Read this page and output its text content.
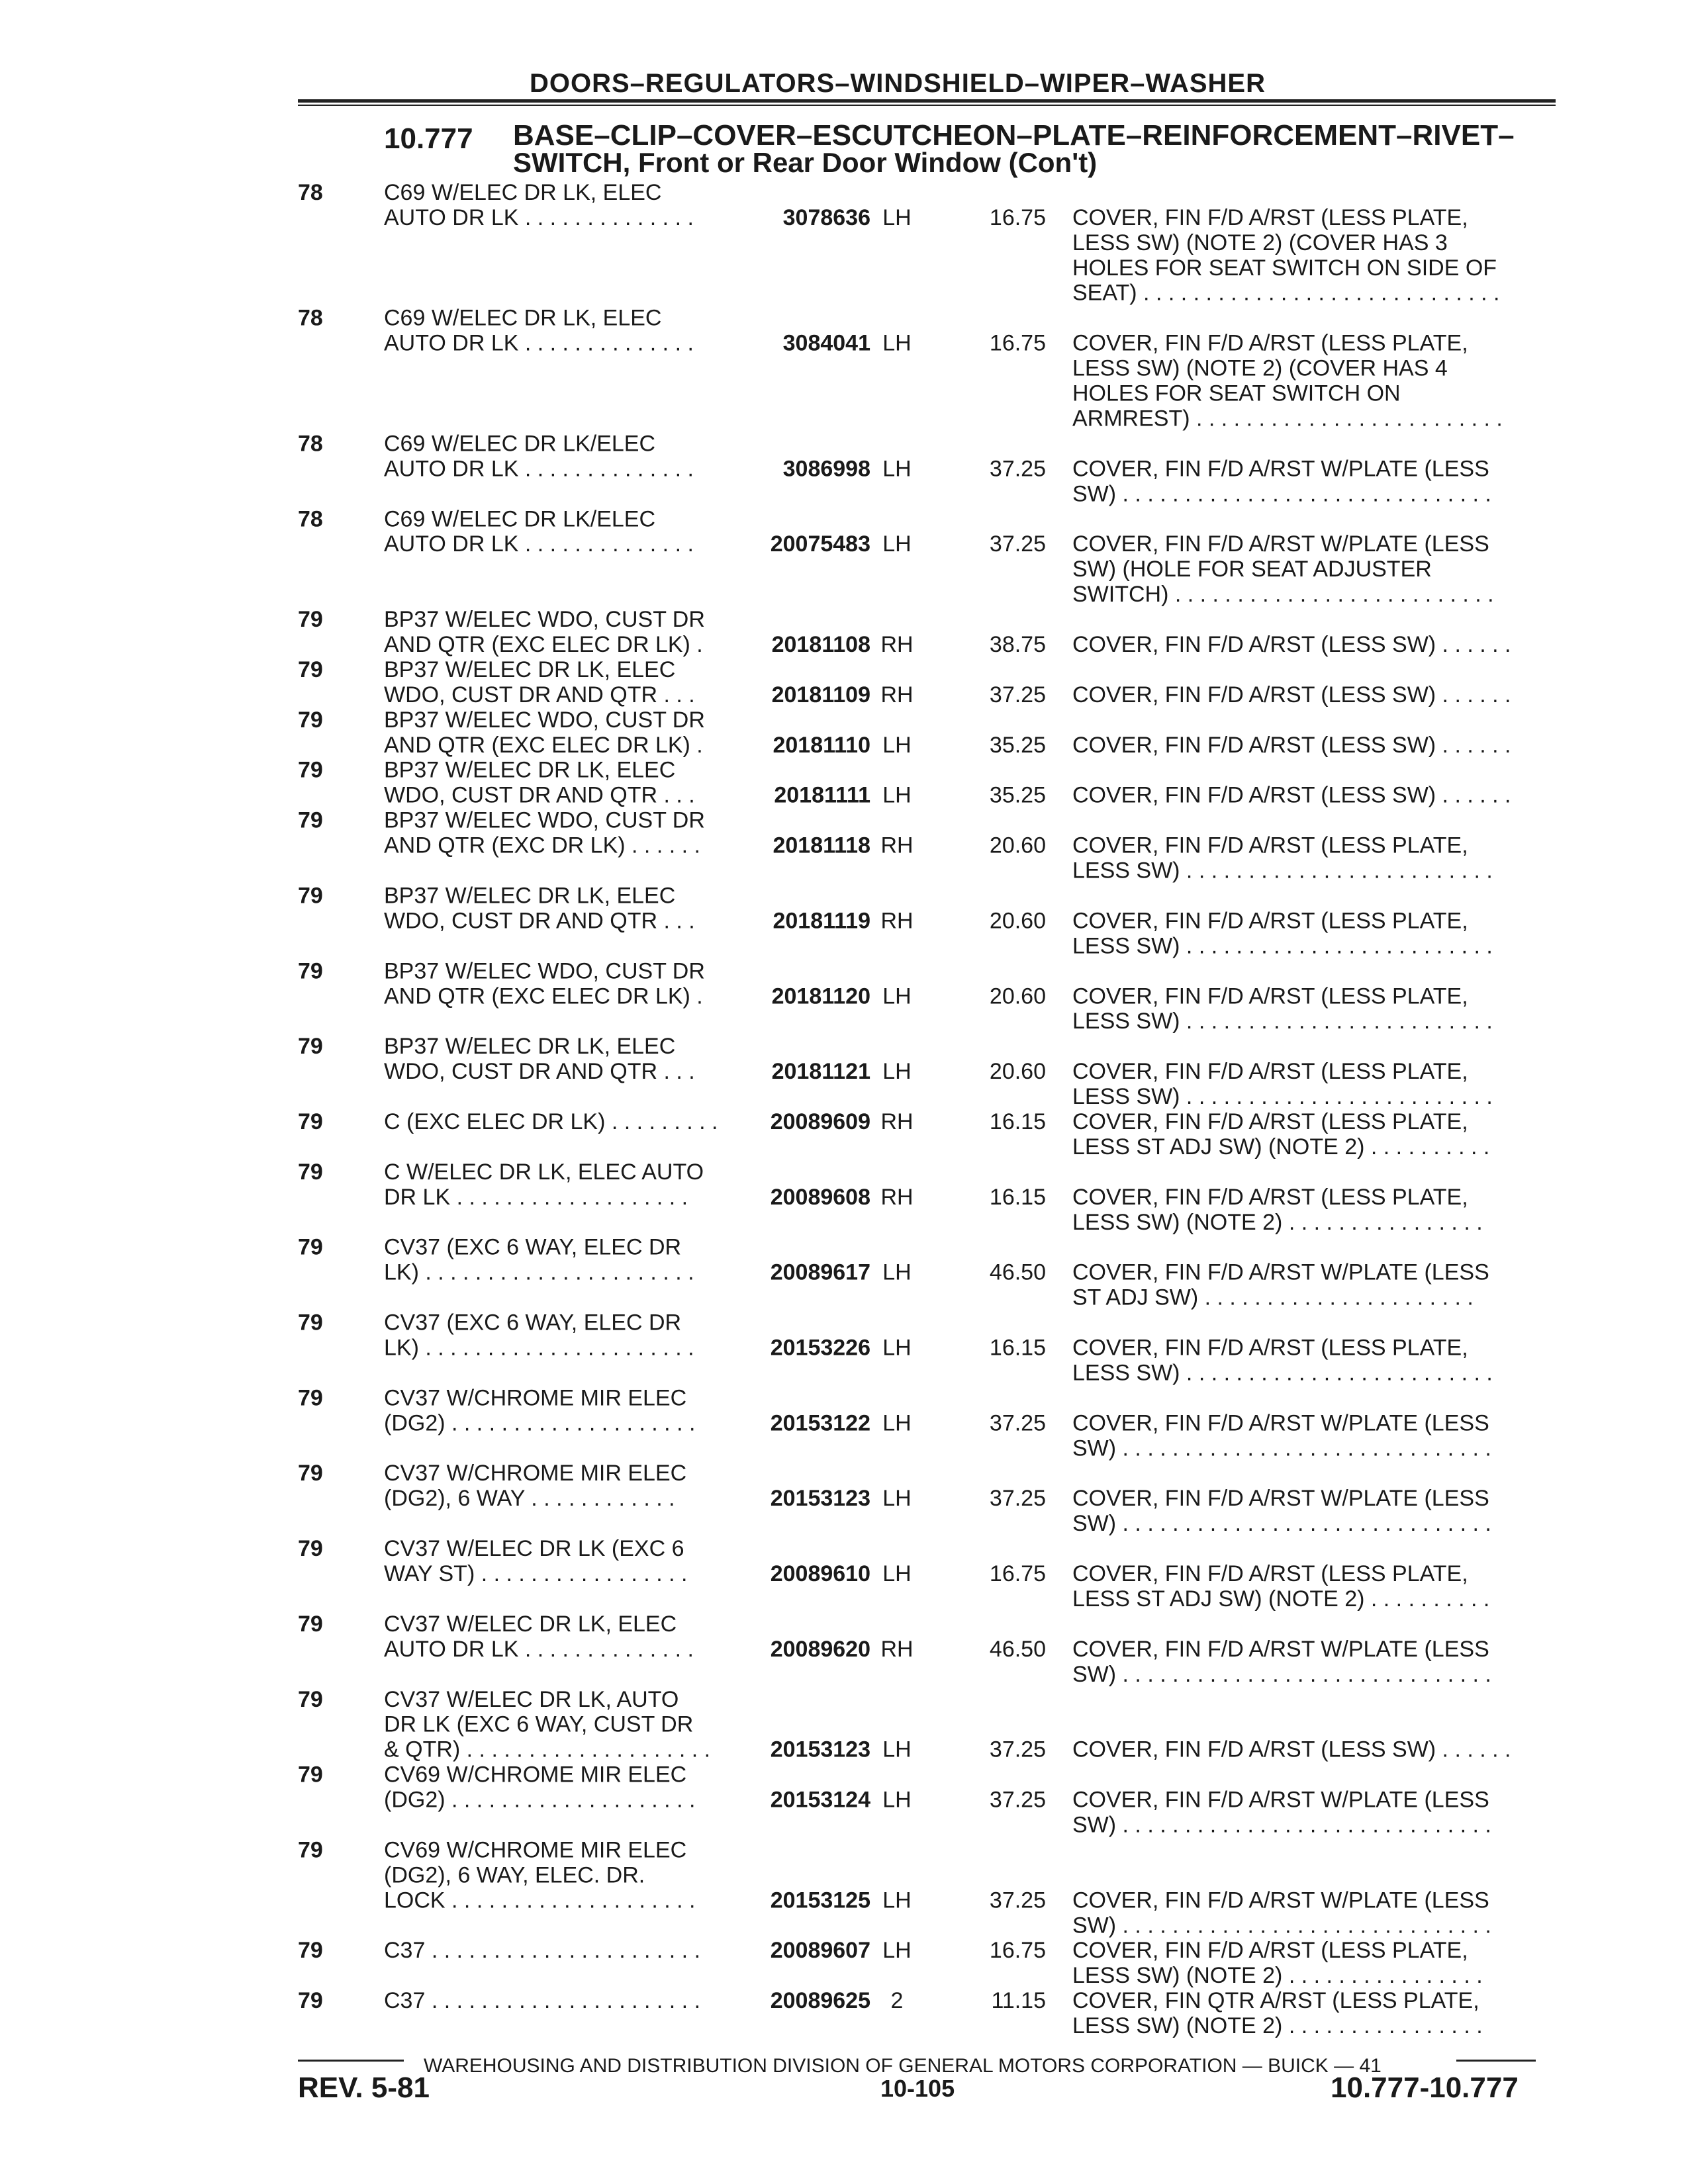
DOORS–REGULATORS–WINDSHIELD–WIPER–WASHER
10.777 BASE–CLIP–COVER–ESCUTCHEON–PLATE–REINFORCEMENT–RIVET–
SWITCH, Front or Rear Door Window (Con't)
78	C69 W/ELEC DR LK, ELEC
AUTO DR LK . . . . . . . . . . . . . .	3078636 LH	16.75 COVER, FIN F/D A/RST (LESS PLATE,
LESS SW) (NOTE 2) (COVER HAS 3
HOLES FOR SEAT SWITCH ON SIDE OF
SEAT) . . . . . . . . . . . . . . . . . . . . . . . . . . . . .
78	C69 W/ELEC DR LK, ELEC
AUTO DR LK . . . . . . . . . . . . . .	3084041 LH	16.75 COVER, FIN F/D A/RST (LESS PLATE,
LESS SW) (NOTE 2) (COVER HAS 4
HOLES FOR SEAT SWITCH ON
ARMREST) . . . . . . . . . . . . . . . . . . . . . . . . .
78	C69 W/ELEC DR LK/ELEC
AUTO DR LK . . . . . . . . . . . . . .	3086998 LH	37.25 COVER, FIN F/D A/RST W/PLATE (LESS
SW) . . . . . . . . . . . . . . . . . . . . . . . . . . . . . .
78	C69 W/ELEC DR LK/ELEC
AUTO DR LK . . . . . . . . . . . . . .	20075483 LH	37.25 COVER, FIN F/D A/RST W/PLATE (LESS
SW) (HOLE FOR SEAT ADJUSTER
SWITCH) . . . . . . . . . . . . . . . . . . . . . . . . . .
79	BP37 W/ELEC WDO, CUST DR
AND QTR (EXC ELEC DR LK) .	20181108 RH	38.75 COVER, FIN F/D A/RST (LESS SW) . . . . . .
79	BP37 W/ELEC DR LK, ELEC
WDO, CUST DR AND QTR . . .	20181109 RH	37.25 COVER, FIN F/D A/RST (LESS SW) . . . . . .
79	BP37 W/ELEC WDO, CUST DR
AND QTR (EXC ELEC DR LK) .	20181110 LH	35.25 COVER, FIN F/D A/RST (LESS SW) . . . . . .
79	BP37 W/ELEC DR LK, ELEC
WDO, CUST DR AND QTR . . .	20181111 LH	35.25 COVER, FIN F/D A/RST (LESS SW) . . . . . .
79	BP37 W/ELEC WDO, CUST DR
AND QTR (EXC DR LK) . . . . . .	20181118 RH	20.60 COVER, FIN F/D A/RST (LESS PLATE,
LESS SW) . . . . . . . . . . . . . . . . . . . . . . . . .
79	BP37 W/ELEC DR LK, ELEC
WDO, CUST DR AND QTR . . .	20181119 RH	20.60 COVER, FIN F/D A/RST (LESS PLATE,
LESS SW) . . . . . . . . . . . . . . . . . . . . . . . . .
79	BP37 W/ELEC WDO, CUST DR
AND QTR (EXC ELEC DR LK) .	20181120 LH	20.60 COVER, FIN F/D A/RST (LESS PLATE,
LESS SW) . . . . . . . . . . . . . . . . . . . . . . . . .
79	BP37 W/ELEC DR LK, ELEC
WDO, CUST DR AND QTR . . .	20181121 LH	20.60 COVER, FIN F/D A/RST (LESS PLATE,
LESS SW) . . . . . . . . . . . . . . . . . . . . . . . . .
79	C (EXC ELEC DR LK) . . . . . . . . .	20089609 RH	16.15 COVER, FIN F/D A/RST (LESS PLATE,
LESS ST ADJ SW) (NOTE 2) . . . . . . . . . .
79	C W/ELEC DR LK, ELEC AUTO
DR LK . . . . . . . . . . . . . . . . . . .	20089608 RH	16.15 COVER, FIN F/D A/RST (LESS PLATE,
LESS SW) (NOTE 2) . . . . . . . . . . . . . . . .
79	CV37 (EXC 6 WAY, ELEC DR
LK) . . . . . . . . . . . . . . . . . . . . . .	20089617 LH	46.50 COVER, FIN F/D A/RST W/PLATE (LESS
ST ADJ SW) . . . . . . . . . . . . . . . . . . . . . .
79	CV37 (EXC 6 WAY, ELEC DR
LK) . . . . . . . . . . . . . . . . . . . . . .	20153226 LH	16.15 COVER, FIN F/D A/RST (LESS PLATE,
LESS SW) . . . . . . . . . . . . . . . . . . . . . . . . .
79	CV37 W/CHROME MIR ELEC
(DG2) . . . . . . . . . . . . . . . . . . . .	20153122 LH	37.25 COVER, FIN F/D A/RST W/PLATE (LESS
SW) . . . . . . . . . . . . . . . . . . . . . . . . . . . . . .
79	CV37 W/CHROME MIR ELEC
(DG2), 6 WAY . . . . . . . . . . . .	20153123 LH	37.25 COVER, FIN F/D A/RST W/PLATE (LESS
SW) . . . . . . . . . . . . . . . . . . . . . . . . . . . . . .
79	CV37 W/ELEC DR LK (EXC 6
WAY ST) . . . . . . . . . . . . . . . . .	20089610 LH	16.75 COVER, FIN F/D A/RST (LESS PLATE,
LESS ST ADJ SW) (NOTE 2) . . . . . . . . . .
79	CV37 W/ELEC DR LK, ELEC
AUTO DR LK . . . . . . . . . . . . . .	20089620 RH	46.50 COVER, FIN F/D A/RST W/PLATE (LESS
SW) . . . . . . . . . . . . . . . . . . . . . . . . . . . . . .
79	CV37 W/ELEC DR LK, AUTO
DR LK (EXC 6 WAY, CUST DR
& QTR) . . . . . . . . . . . . . . . . . . . .	20153123 LH	37.25 COVER, FIN F/D A/RST (LESS SW) . . . . . .
79	CV69 W/CHROME MIR ELEC
(DG2) . . . . . . . . . . . . . . . . . . . .	20153124 LH	37.25 COVER, FIN F/D A/RST W/PLATE (LESS
SW) . . . . . . . . . . . . . . . . . . . . . . . . . . . . . .
79	CV69 W/CHROME MIR ELEC
(DG2), 6 WAY, ELEC. DR.
LOCK . . . . . . . . . . . . . . . . . . . .	20153125 LH	37.25 COVER, FIN F/D A/RST W/PLATE (LESS
SW) . . . . . . . . . . . . . . . . . . . . . . . . . . . . . .
79	C37 . . . . . . . . . . . . . . . . . . . . . .	20089607 LH	16.75 COVER, FIN F/D A/RST (LESS PLATE,
LESS SW) (NOTE 2) . . . . . . . . . . . . . . . .
79	C37 . . . . . . . . . . . . . . . . . . . . . .	20089625 2	11.15 COVER, FIN QTR A/RST (LESS PLATE,
LESS SW) (NOTE 2) . . . . . . . . . . . . . . . .
WAREHOUSING AND DISTRIBUTION DIVISION OF GENERAL MOTORS CORPORATION — BUICK — 41
REV. 5-81	10-105	10.777-10.777
